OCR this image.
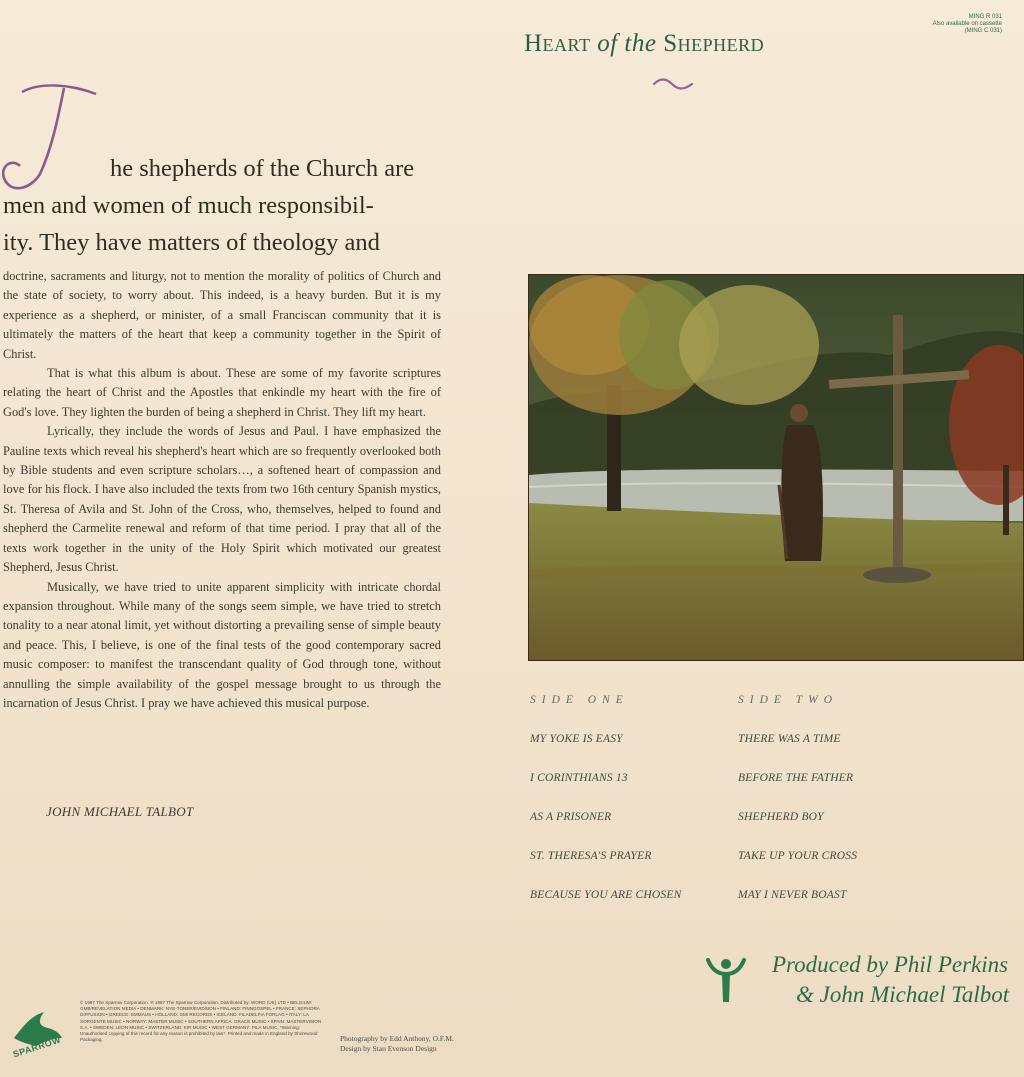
MING R 031
Also available on cassette
(MING C 031)
Heart of the Shepherd
T
he shepherds of the Church are
men and women of much responsibil-
ity. They have matters of theology and

doctrine, sacraments and liturgy, not to mention the morality of politics of Church and the state of society, to worry about. This indeed, is a heavy burden. But it is my experience as a shepherd, or minister, of a small Franciscan community that it is ultimately the matters of the heart that keep a community together in the Spirit of Christ.

That is what this album is about. These are some of my favorite scriptures relating the heart of Christ and the Apostles that enkindle my heart with the fire of God's love. They lighten the burden of being a shepherd in Christ. They lift my heart.

Lyrically, they include the words of Jesus and Paul. I have emphasized the Pauline texts which reveal his shepherd's heart which are so frequently overlooked both by Bible students and even scripture scholars…, a softened heart of compassion and love for his flock. I have also included the texts from two 16th century Spanish mystics, St. Theresa of Avila and St. John of the Cross, who, themselves, helped to found and shepherd the Carmelite renewal and reform of that time period. I pray that all of the texts work together in the unity of the Holy Spirit which motivated our greatest Shepherd, Jesus Christ.

Musically, we have tried to unite apparent simplicity with intricate chordal expansion throughout. While many of the songs seem simple, we have tried to stretch tonality to a near atonal limit, yet without distorting a prevailing sense of simple beauty and peace. This, I believe, is one of the final tests of the good contemporary sacred music composer: to manifest the transcendant quality of God through tone, without annulling the simple availability of the gospel message brought to us through the incarnation of Jesus Christ. I pray we have achieved this musical purpose.

JOHN MICHAEL TALBOT
SIDE ONE	SIDE TWO
MY YOKE IS EASY
I CORINTHIANS 13
AS A PRISONER
ST. THERESA'S PRAYER
BECAUSE YOU ARE CHOSEN
THERE WAS A TIME
BEFORE THE FATHER
SHEPHERD BOY
TAKE UP YOUR CROSS
MAY I NEVER BOAST
Produced by Phil Perkins
& John Michael Talbot
SPARROW
© 1987 The Sparrow Corporation. ℗ 1987 The Sparrow Corporation. Distributed by: WORD (UK) LTD • BELGIUM: GMB/REVELATION MEDIA • DENMARK: NYE-TONER/EVIDSION • FINLAND: FINNGOSPEL • FRANCE: SEPHORA DIFFUSION • GREECE: EMMAUS • HOLLAND: GMI RECORDS • ICELAND: FILADELFIA FORLAG • ITALY: LA SORGENTE MUSIC • NORWAY: MASTER MUSIC • SOUTHERN AFRICA: GRACE MUSIC • SPAIN: MASTERVISION S.A. • SWEDEN: LEON MUSIC • SWITZERLAND: KIR MUSIC • WEST GERMANY: PILA MUSIC. *Warning: Unauthorised copying of this record for any reason is prohibited by law*. Printed and made in England by Shorewood Packaging.	Photography by Edd Anthony, O.F.M.
Design by Stan Evenson Design
